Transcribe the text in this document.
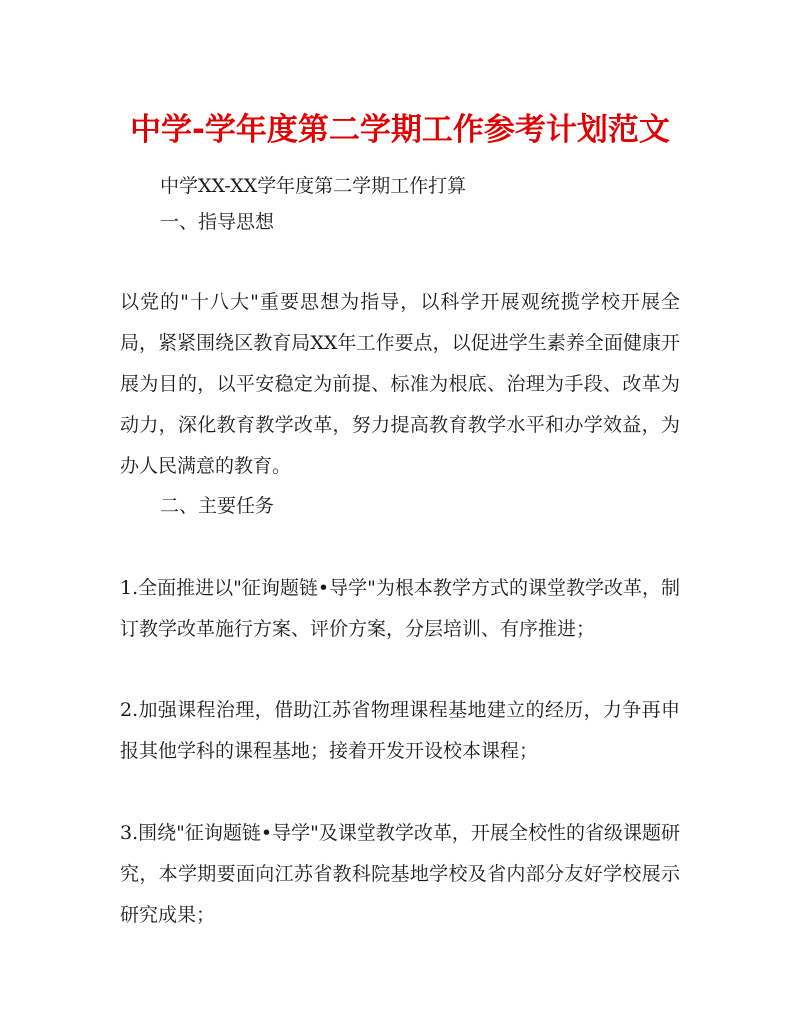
中学-学年度第二学期工作参考计划范文

中学XX-XX学年度第二学期工作打算

一、指导思想

以党的"十八大"重要思想为指导，以科学开展观统揽学校开展全局，紧紧围绕区教育局XX年工作要点，以促进学生素养全面健康开展为目的，以平安稳定为前提、标准为根底、治理为手段、改革为动力，深化教育教学改革，努力提高教育教学水平和办学效益，为办人民满意的教育。

二、主要任务

1.全面推进以"征询题链•导学"为根本教学方式的课堂教学改革，制订教学改革施行方案、评价方案，分层培训、有序推进；

2.加强课程治理，借助江苏省物理课程基地建立的经历，力争再申报其他学科的课程基地；接着开发开设校本课程；

3.围绕"征询题链•导学"及课堂教学改革，开展全校性的省级课题研究，本学期要面向江苏省教科院基地学校及省内部分友好学校展示研究成果；
